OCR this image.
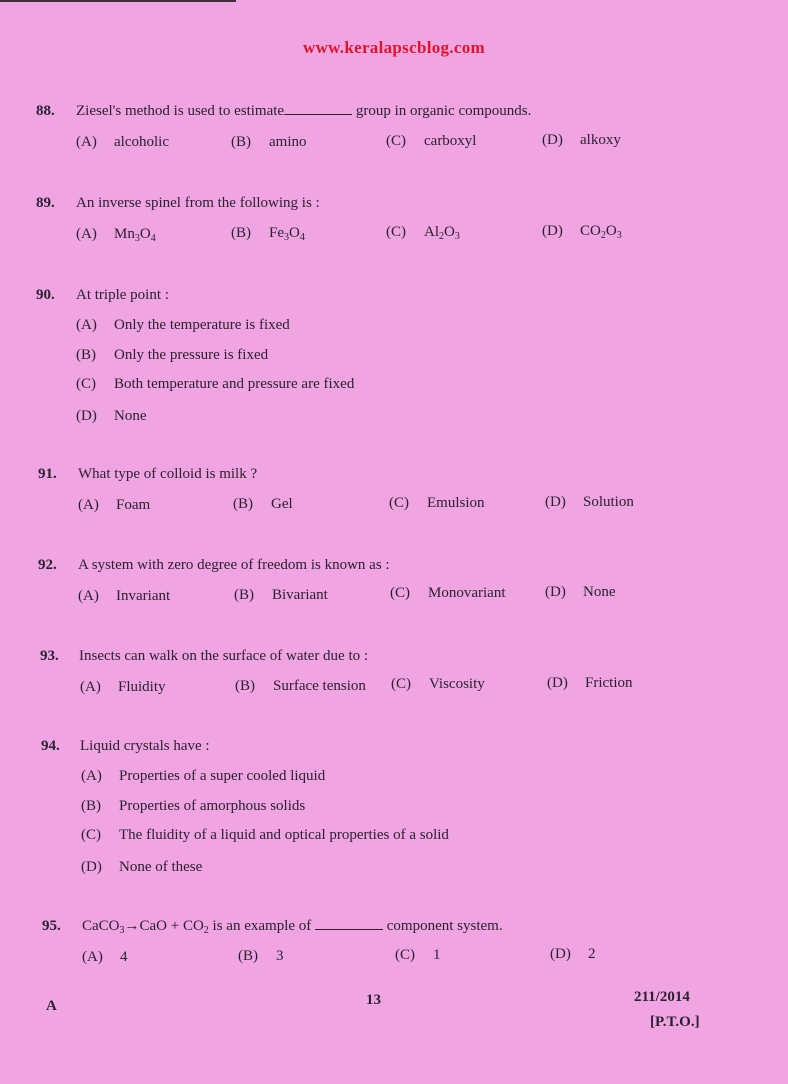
www.keralapscblog.com
88. Ziesel's method is used to estimate	group in organic compounds.
(A) alcoholic	(B) amino	(C) carboxyl	(D) alkoxy
89. An inverse spinel from the following is :
(A) $Mn_3O_4$	(B) $Fe_3O_4$	(C) $Al_2O_3$	(D) $CO_2O_3$
90. At triple point :
(A) Only the temperature is fixed
(B) Only the pressure is fixed
(C) Both temperature and pressure are fixed
(D) None
91. What type of colloid is milk ?
(A) Foam	(B) Gel	(C) Emulsion	(D) Solution
92. A system with zero degree of freedom is known as :
(A) Invariant	(B) Bivariant	(C) Monovariant	(D) None
93. Insects can walk on the surface of water due to :
(A) Fluidity	(B) Surface tension (C) Viscosity	(D) Friction
94. Liquid crystals have :
(A) Properties of a super cooled liquid
(B) Properties of amorphous solids
(C) The fluidity of a liquid and optical properties of a solid
(D) None of these
95. CaCO$_3$→CaO + $CO_2$ is an example of	component system.
(A) 4	(B) 3	(C) 1	(D) 2
A	13	211/2014
[P.T.O.]
